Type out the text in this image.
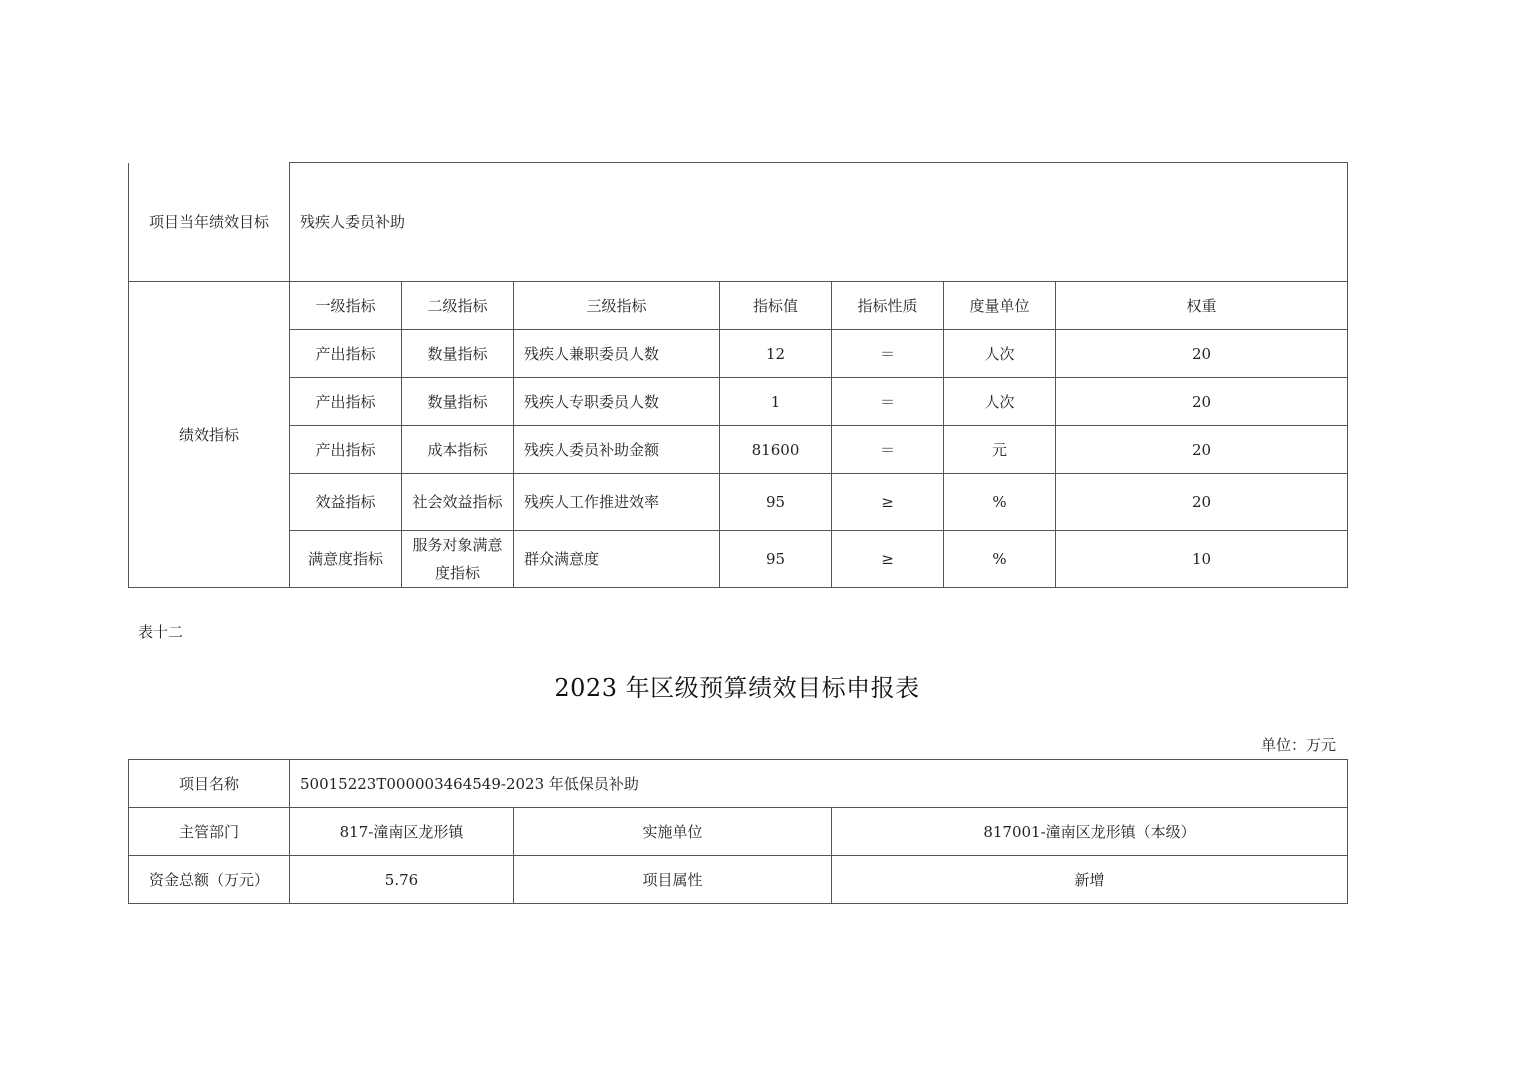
项目当年绩效目标	残疾人委员补助						
绩效指标	一级指标	二级指标	三级指标	指标值	指标性质	度量单位	权重
	产出指标	数量指标	残疾人兼职委员人数	12	＝	人次	20
	产出指标	数量指标	残疾人专职委员人数	1	＝	人次	20
	产出指标	成本指标	残疾人委员补助金额	81600	＝	元	20
	效益指标	社会效益指标	残疾人工作推进效率	95	≥	%	20
	满意度指标	服务对象满意度指标	群众满意度	95	≥	%	10
表十二
2023 年区级预算绩效目标申报表
单位：万元
项目名称	50015223T000003464549-2023 年低保员补助		
主管部门	817-潼南区龙形镇	实施单位	817001-潼南区龙形镇（本级）
资金总额（万元）	5.76	项目属性	新增
